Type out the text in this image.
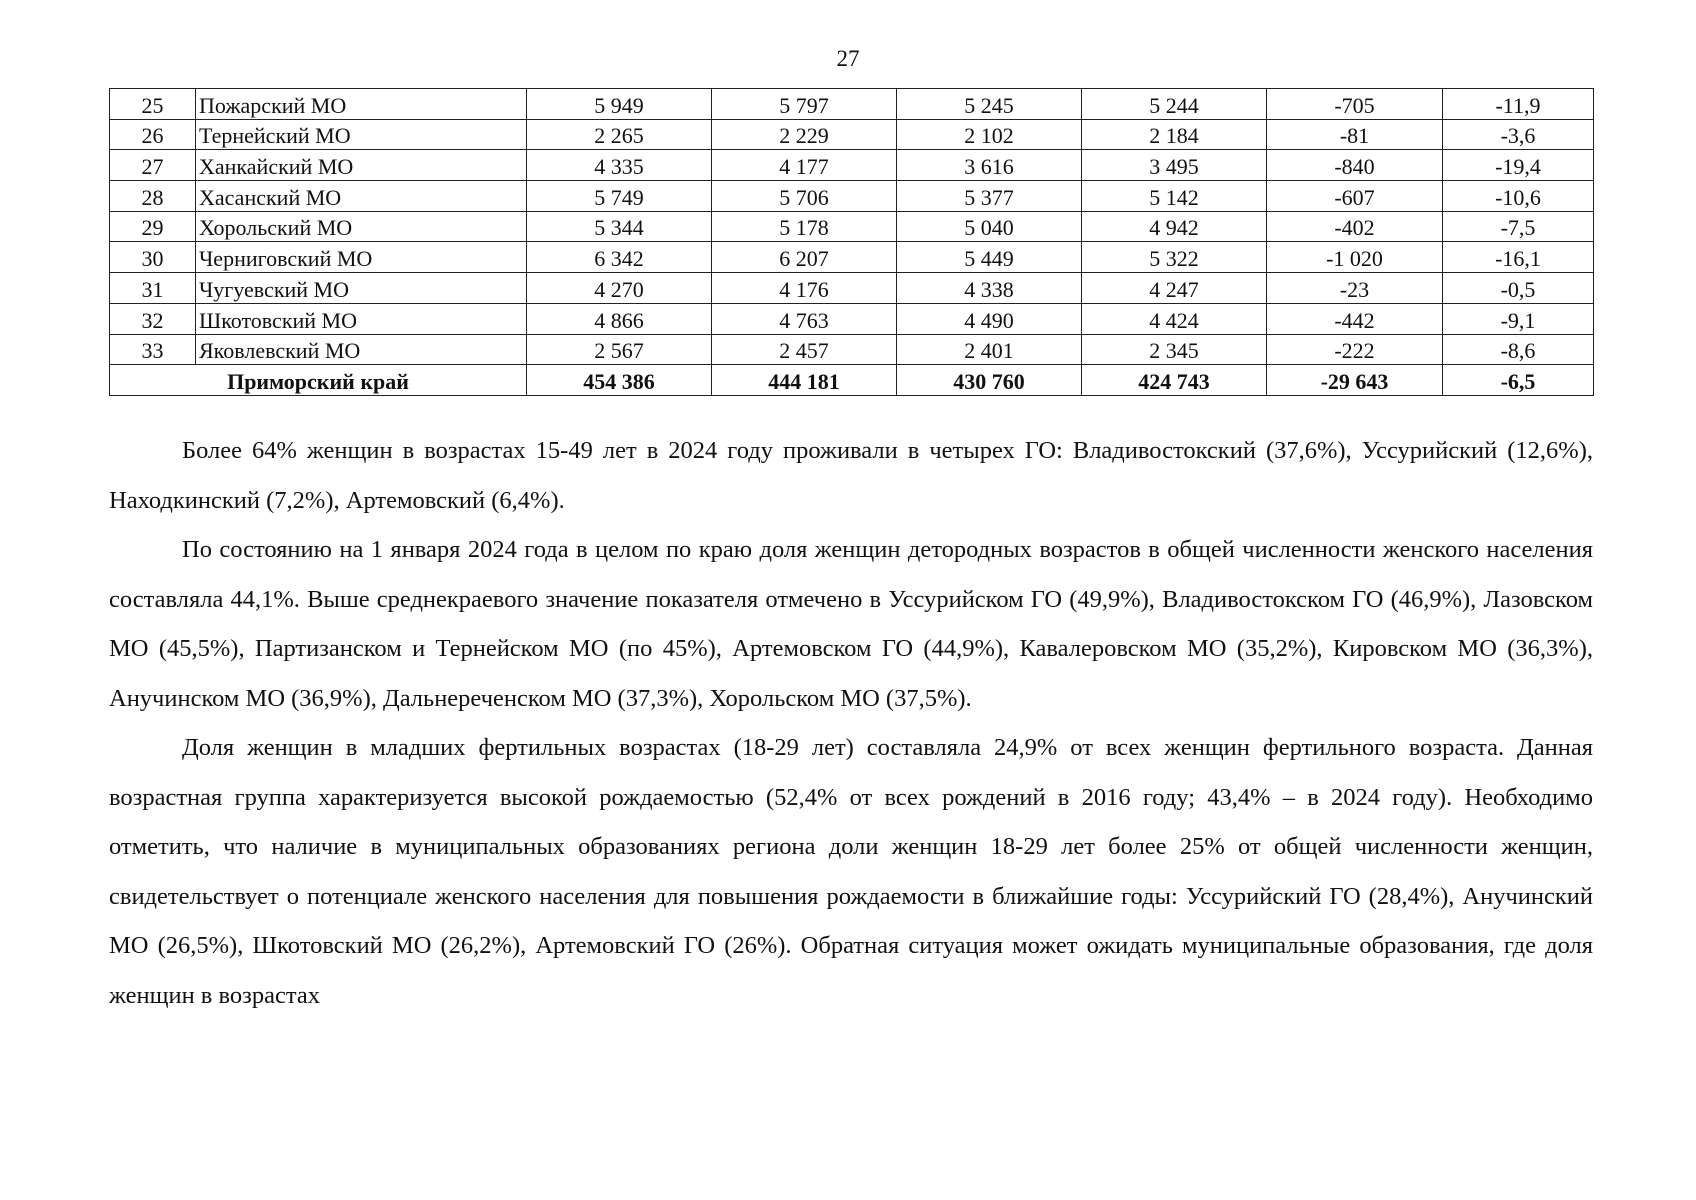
27
25	Пожарский МО	5 949	5 797	5 245	5 244	-705	-11,9
26	Тернейский МО	2 265	2 229	2 102	2 184	-81	-3,6
27	Ханкайский МО	4 335	4 177	3 616	3 495	-840	-19,4
28	Хасанский МО	5 749	5 706	5 377	5 142	-607	-10,6
29	Хорольский МО	5 344	5 178	5 040	4 942	-402	-7,5
30	Черниговский МО	6 342	6 207	5 449	5 322	-1 020	-16,1
31	Чугуевский МО	4 270	4 176	4 338	4 247	-23	-0,5
32	Шкотовский МО	4 866	4 763	4 490	4 424	-442	-9,1
33	Яковлевский МО	2 567	2 457	2 401	2 345	-222	-8,6
Приморский край		454 386	444 181	430 760	424 743	-29 643	-6,5

Более 64% женщин в возрастах 15-49 лет в 2024 году проживали в четырех ГО: Владивостокский (37,6%), Уссурийский (12,6%), Находкинский (7,2%), Артемовский (6,4%).

По состоянию на 1 января 2024 года в целом по краю доля женщин детородных возрастов в общей численности женского населения составляла 44,1%. Выше среднекраевого значение показателя отмечено в Уссурийском ГО (49,9%), Владивостокском ГО (46,9%), Лазовском МО (45,5%), Партизанском и Тернейском МО (по 45%), Артемовском ГО (44,9%), Кавалеровском МО (35,2%), Кировском МО (36,3%), Анучинском МО (36,9%), Дальнереченском МО (37,3%), Хорольском МО (37,5%).

Доля женщин в младших фертильных возрастах (18-29 лет) составляла 24,9% от всех женщин фертильного возраста. Данная возрастная группа характеризуется высокой рождаемостью (52,4% от всех рождений в 2016 году; 43,4% – в 2024 году). Необходимо отметить, что наличие в муниципальных образованиях региона доли женщин 18-29 лет более 25% от общей численности женщин, свидетельствует о потенциале женского населения для повышения рождаемости в ближайшие годы: Уссурийский ГО (28,4%), Анучинский МО (26,5%), Шкотовский МО (26,2%), Артемовский ГО (26%). Обратная ситуация может ожидать муниципальные образования, где доля женщин в возрастах
